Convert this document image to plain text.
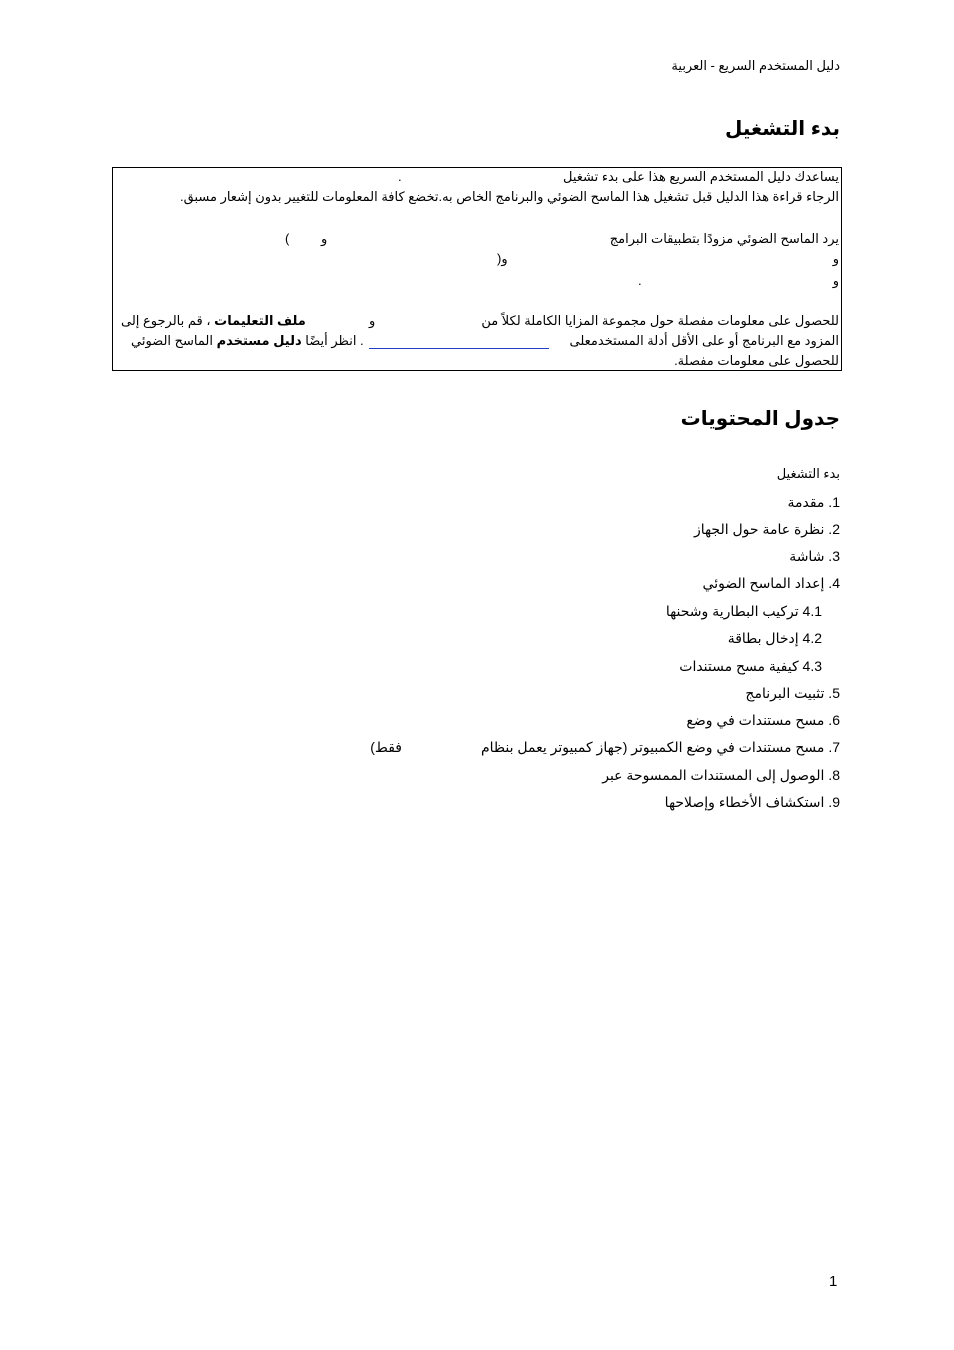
دليل المستخدم السريع - العربية
بدء التشغيل
يساعدك دليل المستخدم السريع هذا على بدء تشغيل
.
الرجاء قراءة هذا الدليل قبل تشغيل هذا الماسح الضوئي والبرنامج الخاص به.تخضع كافة المعلومات للتغيير بدون إشعار مسبق.
يرد الماسح الضوئي مزودًا بتطبيقات البرامج
و
)
و
و(
و
.
للحصول على معلومات مفصلة حول مجموعة المزايا الكاملة لكلاً من
و
ملف التعليمات ، قم بالرجوع إلى
المزود مع البرنامج أو على الأقل أدلة المستخدمعلى
. انظر أيضًا دليل مستخدم الماسح الضوئي
للحصول على معلومات مفصلة.
جدول المحتويات
بدء التشغيل
1. مقدمة
2. نظرة عامة حول الجهاز
3. شاشة
4. إعداد الماسح الضوئي
4.1 تركيب البطارية وشحنها
4.2 إدخال بطاقة
4.3 كيفية مسح مستندات
5. تثبيت البرنامج
6. مسح مستندات في وضع
7. مسح مستندات في وضع الكمبيوتر (جهاز كمبيوتر يعمل بنظام
فقط)
8. الوصول إلى المستندات الممسوحة عبر
9. استكشاف الأخطاء وإصلاحها
1
